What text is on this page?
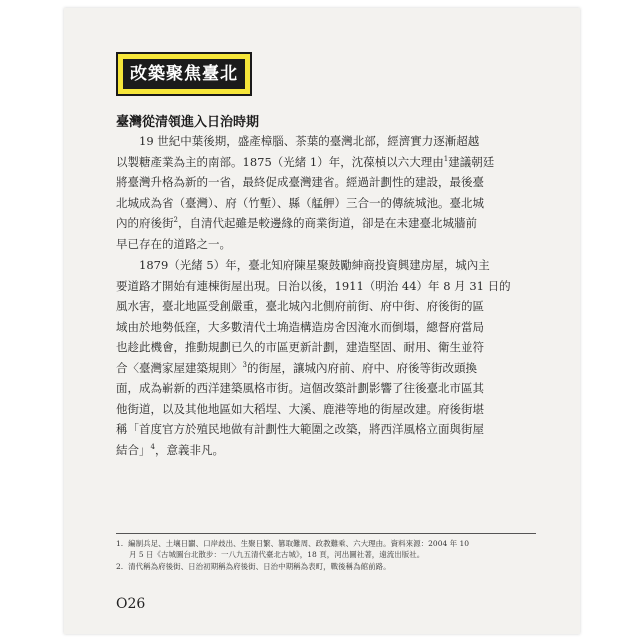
改築聚焦臺北
臺灣從清領進入日治時期
　　19 世紀中葉後期，盛產樟腦、茶葉的臺灣北部，經濟實力逐漸超越
以製糖產業為主的南部。1875（光緒 1）年，沈葆楨以六大理由$^1$建議朝廷
將臺灣升格為新的一省，最終促成臺灣建省。經過計劃性的建設，最後臺
北城成為省（臺灣）、府（竹塹）、縣（艋舺）三合一的傳統城池。臺北城
內的府後街$^2$，自清代起雖是較邊緣的商業街道，卻是在未建臺北城牆前
早已存在的道路之一。
　　1879（光緒 5）年，臺北知府陳星聚鼓勵紳商投資興建房屋，城內主
要道路才開始有連棟街屋出現。日治以後，1911（明治 44）年 8 月 31 日的
風水害，臺北地區受創嚴重，臺北城內北側府前街、府中街、府後街的區
域由於地勢低窪，大多數清代土埆造構造房舍因淹水而倒塌，總督府當局
也趁此機會，推動規劃已久的市區更新計劃，建造堅固、耐用、衛生並符
合〈臺灣家屋建築規則〉$^3$的街屋，讓城內府前、府中、府後等街改頭換
面，成為嶄新的西洋建築風格市街。這個改築計劃影響了往後臺北市區其
他街道，以及其他地區如大稻埕、大溪、鹿港等地的街屋改建。府後街堪
稱「首度官方於殖民地做有計劃性大範圍之改築，將西洋風格立面與街屋
結合」$^4$，意義非凡。
1. 編制兵足、土壤日闢、口岸歧出、生聚日繁、篡取難周、政教難乘、六大理由。資料來源：2004 年 10
月 5 日《古城圖台北散步：一八九五清代臺北古城》，18 頁，河出圖社著，遠流出版社。
2. 清代稱為府後街、日治初期稱為府後街、日治中期稱為表町，戰後稱為館前路。
O26
